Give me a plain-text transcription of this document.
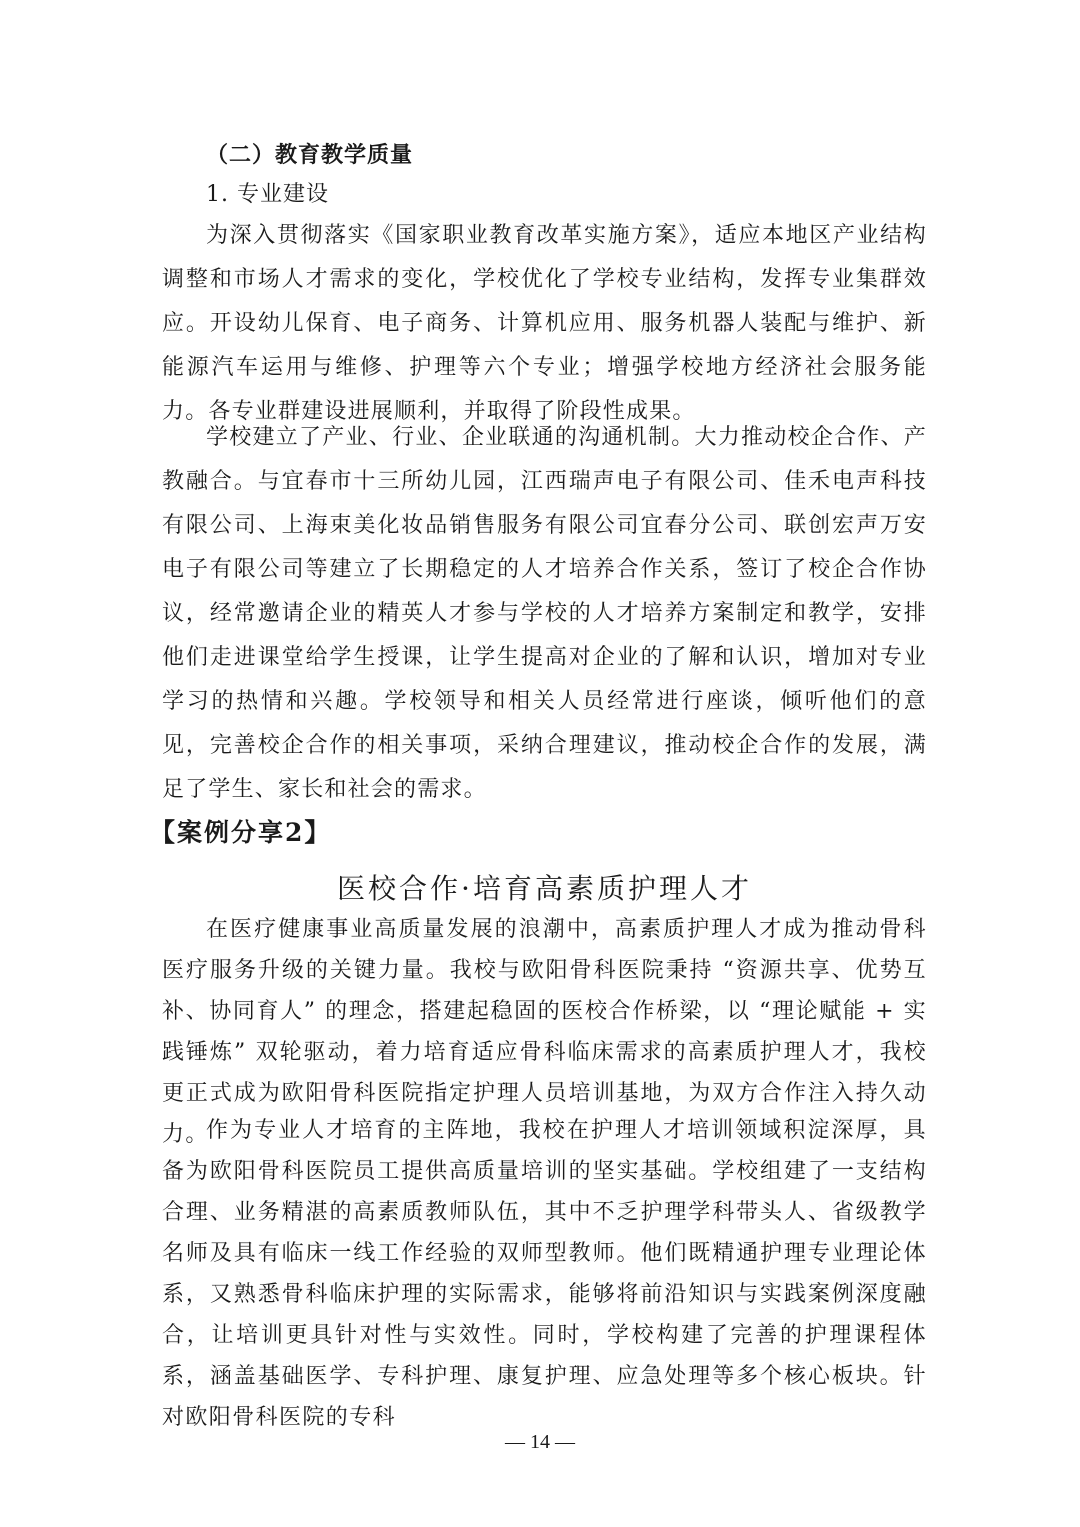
（二）教育教学质量
1. 专业建设

为深入贯彻落实《国家职业教育改革实施方案》，适应本地区产业结构调整和市场人才需求的变化，学校优化了学校专业结构，发挥专业集群效应。开设幼儿保育、电子商务、计算机应用、服务机器人装配与维护、新能源汽车运用与维修、护理等六个专业；增强学校地方经济社会服务能力。各专业群建设进展顺利，并取得了阶段性成果。

学校建立了产业、行业、企业联通的沟通机制。大力推动校企合作、产教融合。与宜春市十三所幼儿园，江西瑞声电子有限公司、佳禾电声科技有限公司、上海束美化妆品销售服务有限公司宜春分公司、联创宏声万安电子有限公司等建立了长期稳定的人才培养合作关系，签订了校企合作协议，经常邀请企业的精英人才参与学校的人才培养方案制定和教学，安排他们走进课堂给学生授课，让学生提高对企业的了解和认识，增加对专业学习的热情和兴趣。学校领导和相关人员经常进行座谈，倾听他们的意见，完善校企合作的相关事项，采纳合理建议，推动校企合作的发展，满足了学生、家长和社会的需求。

【案例分享2】
医校合作·培育高素质护理人才

在医疗健康事业高质量发展的浪潮中，高素质护理人才成为推动骨科医疗服务升级的关键力量。我校与欧阳骨科医院秉持 “资源共享、优势互补、协同育人” 的理念，搭建起稳固的医校合作桥梁，以 “理论赋能 + 实践锤炼” 双轮驱动，着力培育适应骨科临床需求的高素质护理人才，我校更正式成为欧阳骨科医院指定护理人员培训基地，为双方合作注入持久动力。

作为专业人才培育的主阵地，我校在护理人才培训领域积淀深厚，具备为欧阳骨科医院员工提供高质量培训的坚实基础。学校组建了一支结构合理、业务精湛的高素质教师队伍，其中不乏护理学科带头人、省级教学名师及具有临床一线工作经验的双师型教师。他们既精通护理专业理论体系，又熟悉骨科临床护理的实际需求，能够将前沿知识与实践案例深度融合，让培训更具针对性与实效性。同时，学校构建了完善的护理课程体系，涵盖基础医学、专科护理、康复护理、应急处理等多个核心板块。针对欧阳骨科医院的专科

— 14 —
